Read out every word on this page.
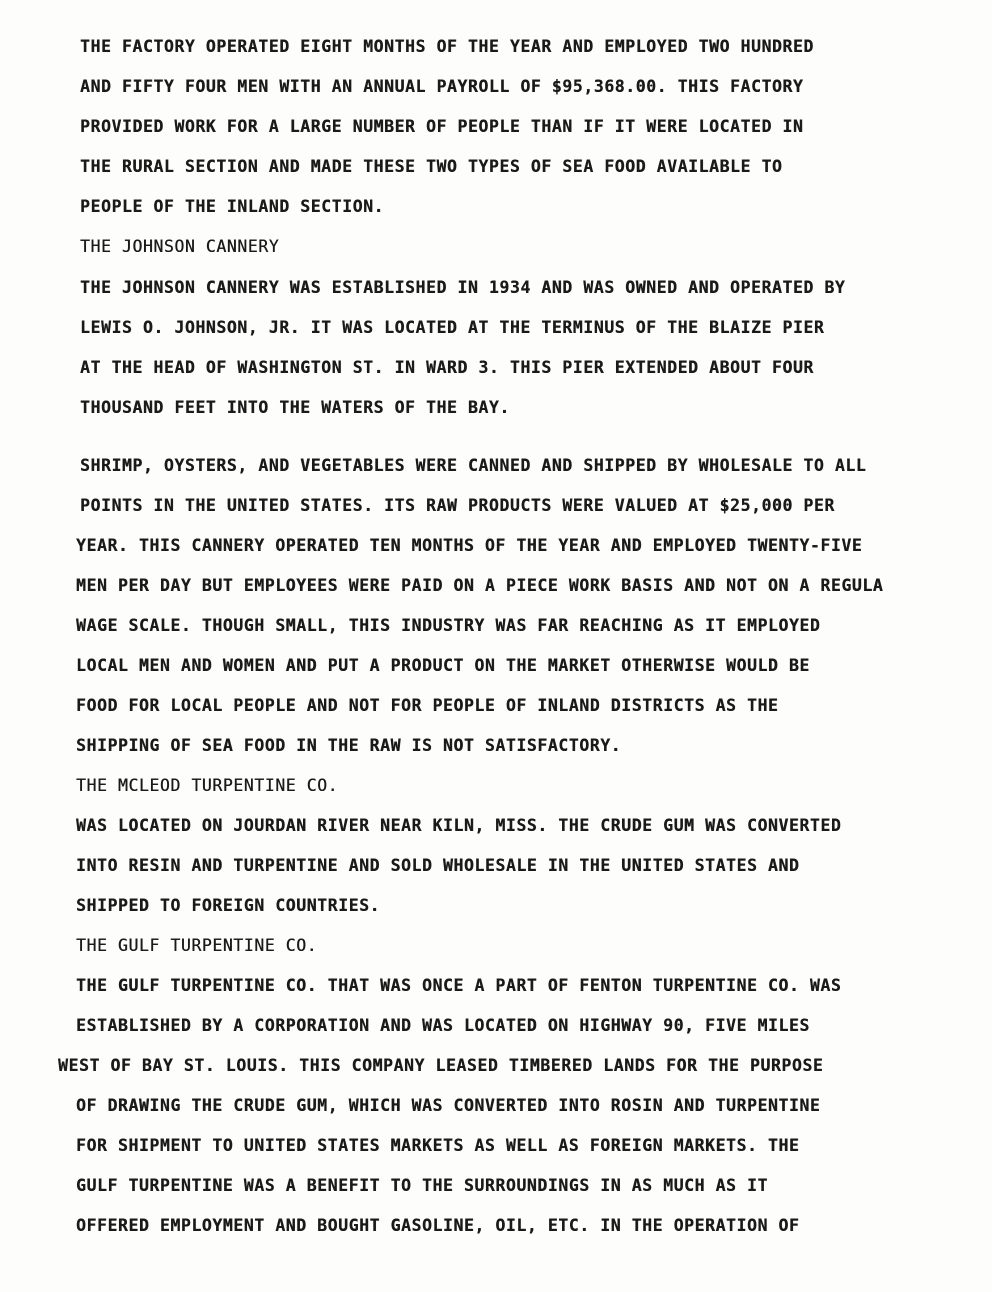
THE FACTORY OPERATED EIGHT MONTHS OF THE YEAR AND EMPLOYED TWO HUNDRED
AND FIFTY FOUR MEN WITH AN ANNUAL PAYROLL OF $95,368.00. THIS FACTORY
PROVIDED WORK FOR A LARGE NUMBER OF PEOPLE THAN IF IT WERE LOCATED IN
THE RURAL SECTION AND MADE THESE TWO TYPES OF SEA FOOD AVAILABLE TO
PEOPLE OF THE INLAND SECTION.
THE JOHNSON CANNERY
THE JOHNSON CANNERY WAS ESTABLISHED IN 1934 AND WAS OWNED AND OPERATED BY
LEWIS O. JOHNSON, JR. IT WAS LOCATED AT THE TERMINUS OF THE BLAIZE PIER
AT THE HEAD OF WASHINGTON ST. IN WARD 3. THIS PIER EXTENDED ABOUT FOUR
THOUSAND FEET INTO THE WATERS OF THE BAY.
SHRIMP, OYSTERS, AND VEGETABLES WERE CANNED AND SHIPPED BY WHOLESALE TO ALL
POINTS IN THE UNITED STATES. ITS RAW PRODUCTS WERE VALUED AT $25,000 PER
YEAR. THIS CANNERY OPERATED TEN MONTHS OF THE YEAR AND EMPLOYED TWENTY-FIVE
MEN PER DAY BUT EMPLOYEES WERE PAID ON A PIECE WORK BASIS AND NOT ON A REGULA
WAGE SCALE. THOUGH SMALL, THIS INDUSTRY WAS FAR REACHING AS IT EMPLOYED
LOCAL MEN AND WOMEN AND PUT A PRODUCT ON THE MARKET OTHERWISE WOULD BE
FOOD FOR LOCAL PEOPLE AND NOT FOR PEOPLE OF INLAND DISTRICTS AS THE
SHIPPING OF SEA FOOD IN THE RAW IS NOT SATISFACTORY.
THE MCLEOD TURPENTINE CO.
WAS LOCATED ON JOURDAN RIVER NEAR KILN, MISS. THE CRUDE GUM WAS CONVERTED
INTO RESIN AND TURPENTINE AND SOLD WHOLESALE IN THE UNITED STATES AND
SHIPPED TO FOREIGN COUNTRIES.
THE GULF TURPENTINE CO.
THE GULF TURPENTINE CO. THAT WAS ONCE A PART OF FENTON TURPENTINE CO. WAS
ESTABLISHED BY A CORPORATION AND WAS LOCATED ON HIGHWAY 90, FIVE MILES
WEST OF BAY ST. LOUIS. THIS COMPANY LEASED TIMBERED LANDS FOR THE PURPOSE
OF DRAWING THE CRUDE GUM, WHICH WAS CONVERTED INTO ROSIN AND TURPENTINE
FOR SHIPMENT TO UNITED STATES MARKETS AS WELL AS FOREIGN MARKETS. THE
GULF TURPENTINE WAS A BENEFIT TO THE SURROUNDINGS IN AS MUCH AS IT
OFFERED EMPLOYMENT AND BOUGHT GASOLINE, OIL, ETC. IN THE OPERATION OF
